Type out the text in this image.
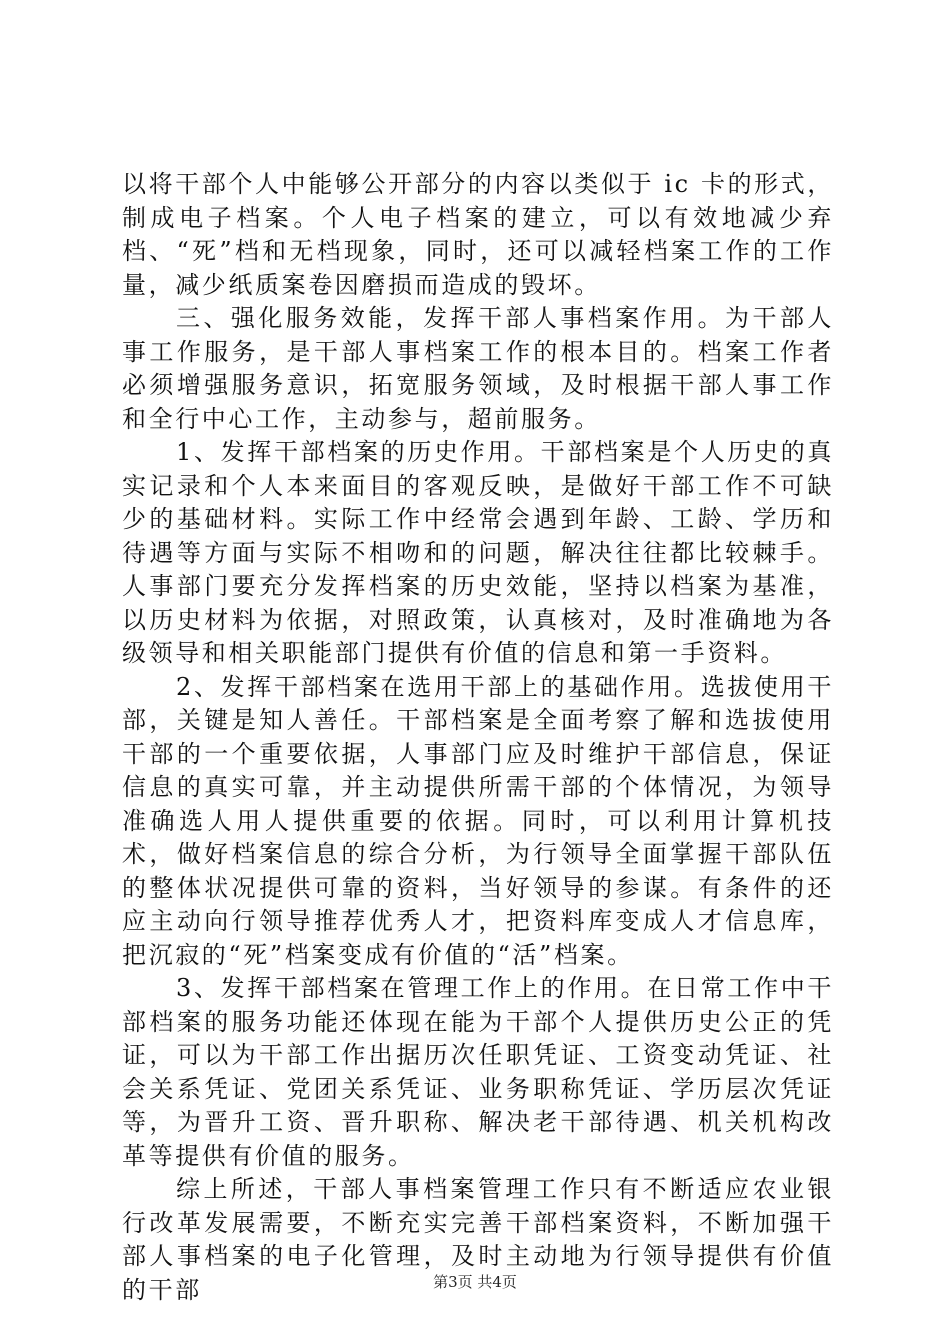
以将干部个人中能够公开部分的内容以类似于 ic 卡的形式，制成电子档案。个人电子档案的建立，可以有效地减少弃档、“死”档和无档现象，同时，还可以减轻档案工作的工作量，减少纸质案卷因磨损而造成的毁坏。

三、强化服务效能，发挥干部人事档案作用。为干部人事工作服务，是干部人事档案工作的根本目的。档案工作者必须增强服务意识，拓宽服务领域，及时根据干部人事工作和全行中心工作，主动参与，超前服务。

1、发挥干部档案的历史作用。干部档案是个人历史的真实记录和个人本来面目的客观反映，是做好干部工作不可缺少的基础材料。实际工作中经常会遇到年龄、工龄、学历和待遇等方面与实际不相吻和的问题，解决往往都比较棘手。人事部门要充分发挥档案的历史效能，坚持以档案为基准，以历史材料为依据，对照政策，认真核对，及时准确地为各级领导和相关职能部门提供有价值的信息和第一手资料。

2、发挥干部档案在选用干部上的基础作用。选拔使用干部，关键是知人善任。干部档案是全面考察了解和选拔使用干部的一个重要依据，人事部门应及时维护干部信息，保证信息的真实可靠，并主动提供所需干部的个体情况，为领导准确选人用人提供重要的依据。同时，可以利用计算机技术，做好档案信息的综合分析，为行领导全面掌握干部队伍的整体状况提供可靠的资料，当好领导的参谋。有条件的还应主动向行领导推荐优秀人才，把资料库变成人才信息库，把沉寂的“死”档案变成有价值的“活”档案。

3、发挥干部档案在管理工作上的作用。在日常工作中干部档案的服务功能还体现在能为干部个人提供历史公正的凭证，可以为干部工作出据历次任职凭证、工资变动凭证、社会关系凭证、党团关系凭证、业务职称凭证、学历层次凭证等，为晋升工资、晋升职称、解决老干部待遇、机关机构改革等提供有价值的服务。

综上所述，干部人事档案管理工作只有不断适应农业银行改革发展需要，不断充实完善干部档案资料，不断加强干部人事档案的电子化管理，及时主动地为行领导提供有价值的干部	第3页 共4页
